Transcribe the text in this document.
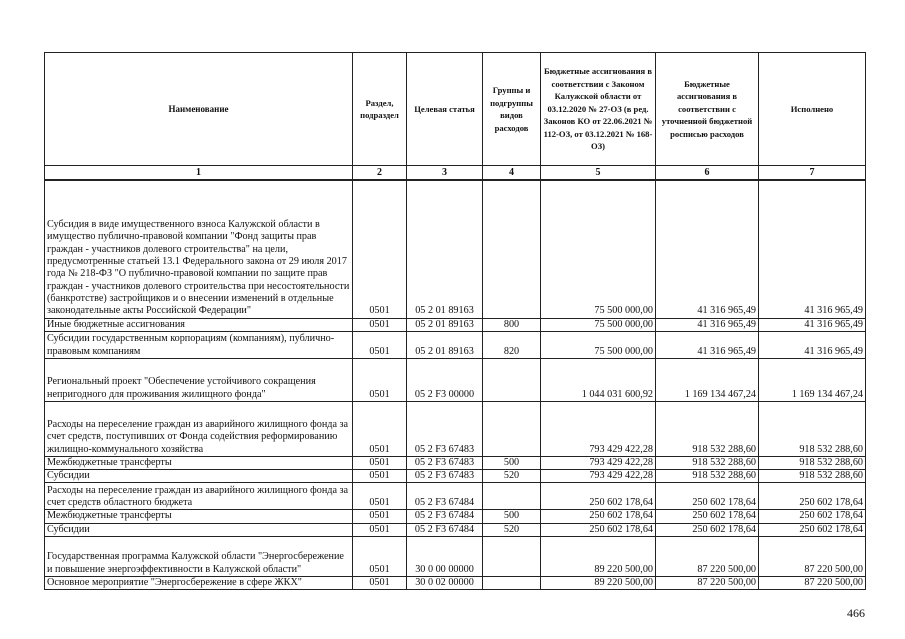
Наименование	Раздел, подраздел	Целевая статья	Группы и подгруппы видов расходов	Бюджетные ассигнования в соответствии с Законом Калужской области от 03.12.2020 № 27-ОЗ (в ред. Законов КО от 22.06.2021 № 112-ОЗ, от 03.12.2021 № 168-ОЗ)	Бюджетные ассигнования в соответствии с уточненной бюджетной росписью расходов	Исполнено
1	2	3	4	5	6	7
Субсидия в виде имущественного взноса Калужской области в имущество публично-правовой компании "Фонд защиты прав граждан - участников долевого строительства" на цели, предусмотренные статьей 13.1 Федерального закона от 29 июля 2017 года № 218-ФЗ "О публично-правовой компании по защите прав граждан - участников долевого строительства при несостоятельности (банкротстве) застройщиков и о внесении изменений в отдельные законодательные акты Российской Федерации"	0501	05 2 01 89163		75 500 000,00	41 316 965,49	41 316 965,49
Иные бюджетные ассигнования	0501	05 2 01 89163	800	75 500 000,00	41 316 965,49	41 316 965,49
Субсидии государственным корпорациям (компаниям), публично-правовым компаниям	0501	05 2 01 89163	820	75 500 000,00	41 316 965,49	41 316 965,49
Региональный проект "Обеспечение устойчивого сокращения непригодного для проживания жилищного фонда"	0501	05 2 F3 00000		1 044 031 600,92	1 169 134 467,24	1 169 134 467,24
Расходы на переселение граждан из аварийного жилищного фонда за счет средств, поступивших от Фонда содействия реформированию жилищно-коммунального хозяйства	0501	05 2 F3 67483		793 429 422,28	918 532 288,60	918 532 288,60
Межбюджетные трансферты	0501	05 2 F3 67483	500	793 429 422,28	918 532 288,60	918 532 288,60
Субсидии	0501	05 2 F3 67483	520	793 429 422,28	918 532 288,60	918 532 288,60
Расходы на переселение граждан из аварийного жилищного фонда за счет средств областного бюджета	0501	05 2 F3 67484		250 602 178,64	250 602 178,64	250 602 178,64
Межбюджетные трансферты	0501	05 2 F3 67484	500	250 602 178,64	250 602 178,64	250 602 178,64
Субсидии	0501	05 2 F3 67484	520	250 602 178,64	250 602 178,64	250 602 178,64
Государственная программа Калужской области "Энергосбережение и повышение энергоэффективности в Калужской области"	0501	30 0 00 00000		89 220 500,00	87 220 500,00	87 220 500,00
Основное мероприятие "Энергосбережение в сфере ЖКХ"	0501	30 0 02 00000		89 220 500,00	87 220 500,00	87 220 500,00
466
